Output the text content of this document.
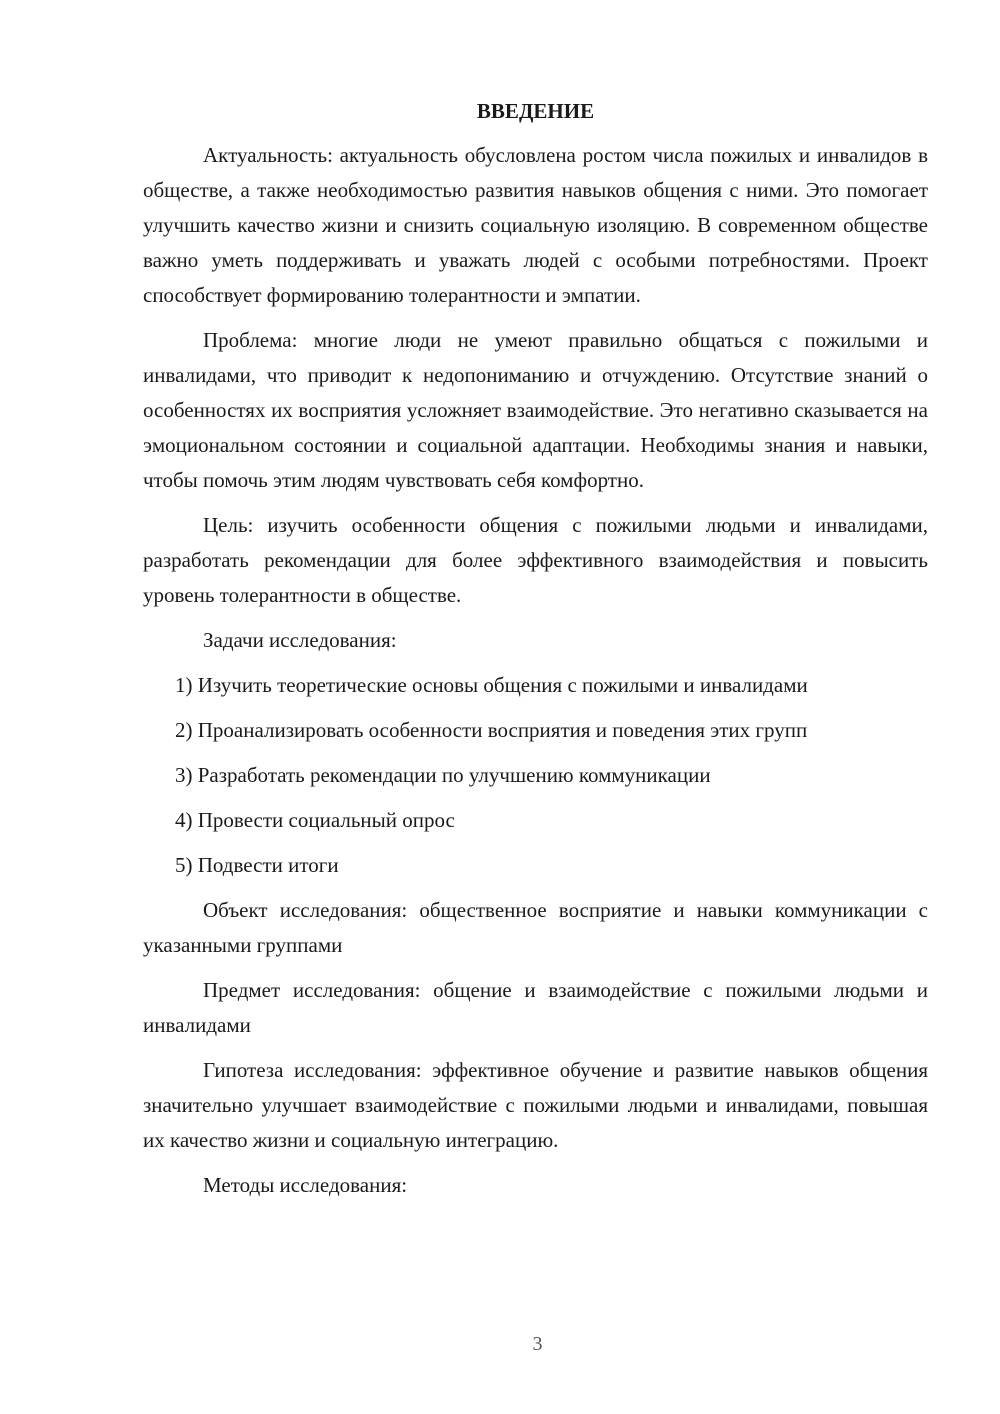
ВВЕДЕНИЕ

Актуальность: актуальность обусловлена ростом числа пожилых и инвалидов в обществе, а также необходимостью развития навыков общения с ними. Это помогает улучшить качество жизни и снизить социальную изоляцию. В современном обществе важно уметь поддерживать и уважать людей с особыми потребностями. Проект способствует формированию толерантности и эмпатии.

Проблема: многие люди не умеют правильно общаться с пожилыми и инвалидами, что приводит к недопониманию и отчуждению. Отсутствие знаний о особенностях их восприятия усложняет взаимодействие. Это негативно сказывается на эмоциональном состоянии и социальной адаптации. Необходимы знания и навыки, чтобы помочь этим людям чувствовать себя комфортно.

Цель: изучить особенности общения с пожилыми людьми и инвалидами, разработать рекомендации для более эффективного взаимодействия и повысить уровень толерантности в обществе.

Задачи исследования:

1) Изучить теоретические основы общения с пожилыми и инвалидами

2) Проанализировать особенности восприятия и поведения этих групп

3) Разработать рекомендации по улучшению коммуникации

4) Провести социальный опрос

5) Подвести итоги

Объект исследования: общественное восприятие и навыки коммуникации с указанными группами

Предмет исследования: общение и взаимодействие с пожилыми людьми и инвалидами

Гипотеза исследования: эффективное обучение и развитие навыков общения значительно улучшает взаимодействие с пожилыми людьми и инвалидами, повышая их качество жизни и социальную интеграцию.

Методы исследования:

3
